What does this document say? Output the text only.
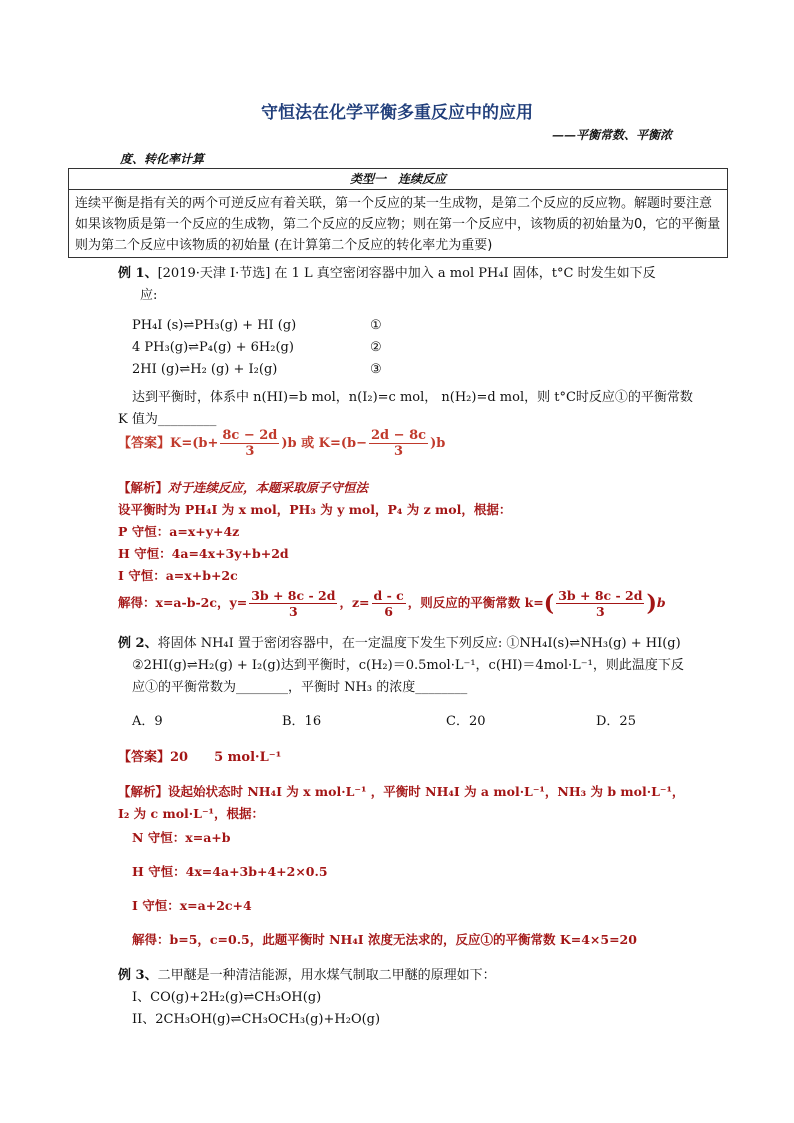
守恒法在化学平衡多重反应中的应用
——平衡常数、平衡浓
度、转化率计算
类型一　连续反应
连续平衡是指有关的两个可逆反应有着关联，第一个反应的某一生成物，是第二个反应的反应物。解题时要注意如果该物质是第一个反应的生成物，第二个反应的反应物；则在第一个反应中，该物质的初始量为0，它的平衡量则为第二个反应中该物质的初始量 (在计算第二个反应的转化率尤为重要)
例 1、[2019·天津 Ⅰ·节选] 在 1 L 真空密闭容器中加入 a mol PH₄I 固体，t°C 时发生如下反
应:
PH₄I (s)⇌PH₃(g) + HI (g)	①
4 PH₃(g)⇌P₄(g) + 6H₂(g)	②
2HI (g)⇌H₂ (g) + I₂(g)	③
达到平衡时，体系中 n(HI)=b mol，n(I₂)=c mol， n(H₂)=d mol，则 t°C时反应①的平衡常数
K 值为_________
【答案】$K=(b+ \frac{8c - 2d}{3} )b$ 或 $K=(b- \frac{2d - 8c}{3} )b$
【解析】对于连续反应，本题采取原子守恒法
设平衡时为 PH₄I 为 x mol，PH₃ 为 y mol，P₄ 为 z mol，根据：
P 守恒：a=x+y+4z
H 守恒：4a=4x+3y+b+2d
I 守恒：a=x+b+2c
解得：x=a-b-2c，$y= \frac{3b + 8c - 2d}{3}$ ，$z= \frac{d - c}{6}$ ，则反应的平衡常数 $k=( \frac{3b + 8c - 2d}{3} )b$
例 2、将固体 NH₄I 置于密闭容器中，在一定温度下发生下列反应: ①NH₄I(s)⇌NH₃(g) + HI(g)
②2HI(g)⇌H₂(g) + I₂(g)达到平衡时，c(H₂)＝0.5mol·L⁻¹，c(HI)＝4mol·L⁻¹，则此温度下反
应①的平衡常数为________，平衡时 NH₃ 的浓度________
A．9	B．16	C．20	D．25
【答案】20　　5 mol·L⁻¹
【解析】设起始状态时 NH₄I 为 x mol·L⁻¹ ，平衡时 NH₄I 为 a mol·L⁻¹，NH₃ 为 b mol·L⁻¹，
I₂ 为 c mol·L⁻¹，根据：
N 守恒：x=a+b
H 守恒：4x=4a+3b+4+2×0.5
I 守恒：x=a+2c+4
解得：b=5，c=0.5，此题平衡时 NH₄I 浓度无法求的，反应①的平衡常数 K=4×5=20
例 3、二甲醚是一种清洁能源，用水煤气制取二甲醚的原理如下：
I、CO(g)+2H₂(g)⇌CH₃OH(g)
II、2CH₃OH(g)⇌CH₃OCH₃(g)+H₂O(g)
